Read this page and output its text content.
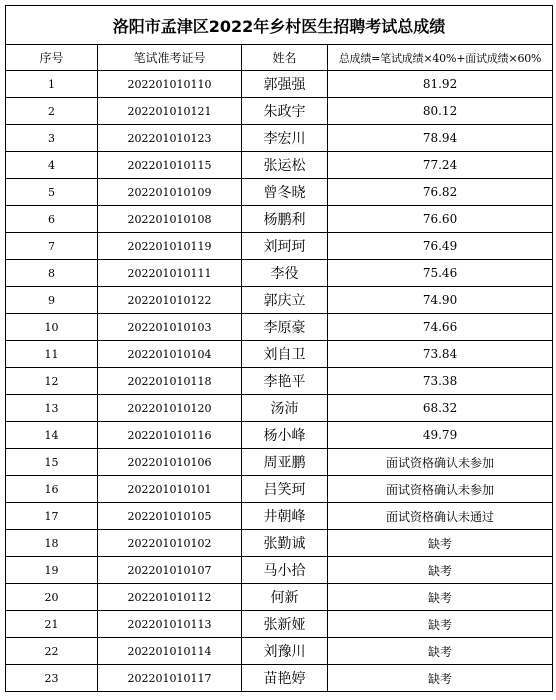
洛阳市孟津区2022年乡村医生招聘考试总成绩			
序号	笔试准考证号	姓名	总成绩=笔试成绩×40%+面试成绩×60%
1	202201010110	郭强强	81.92
2	202201010121	朱政宇	80.12
3	202201010123	李宏川	78.94
4	202201010115	张运松	77.24
5	202201010109	曾冬晓	76.82
6	202201010108	杨鹏利	76.60
7	202201010119	刘珂珂	76.49
8	202201010111	李役	75.46
9	202201010122	郭庆立	74.90
10	202201010103	李原豪	74.66
11	202201010104	刘自卫	73.84
12	202201010118	李艳平	73.38
13	202201010120	汤沛	68.32
14	202201010116	杨小峰	49.79
15	202201010106	周亚鹏	面试资格确认未参加
16	202201010101	吕笑珂	面试资格确认未参加
17	202201010105	井朝峰	面试资格确认未通过
18	202201010102	张勤诚	缺考
19	202201010107	马小拾	缺考
20	202201010112	何新	缺考
21	202201010113	张新娅	缺考
22	202201010114	刘豫川	缺考
23	202201010117	苗艳婷	缺考
